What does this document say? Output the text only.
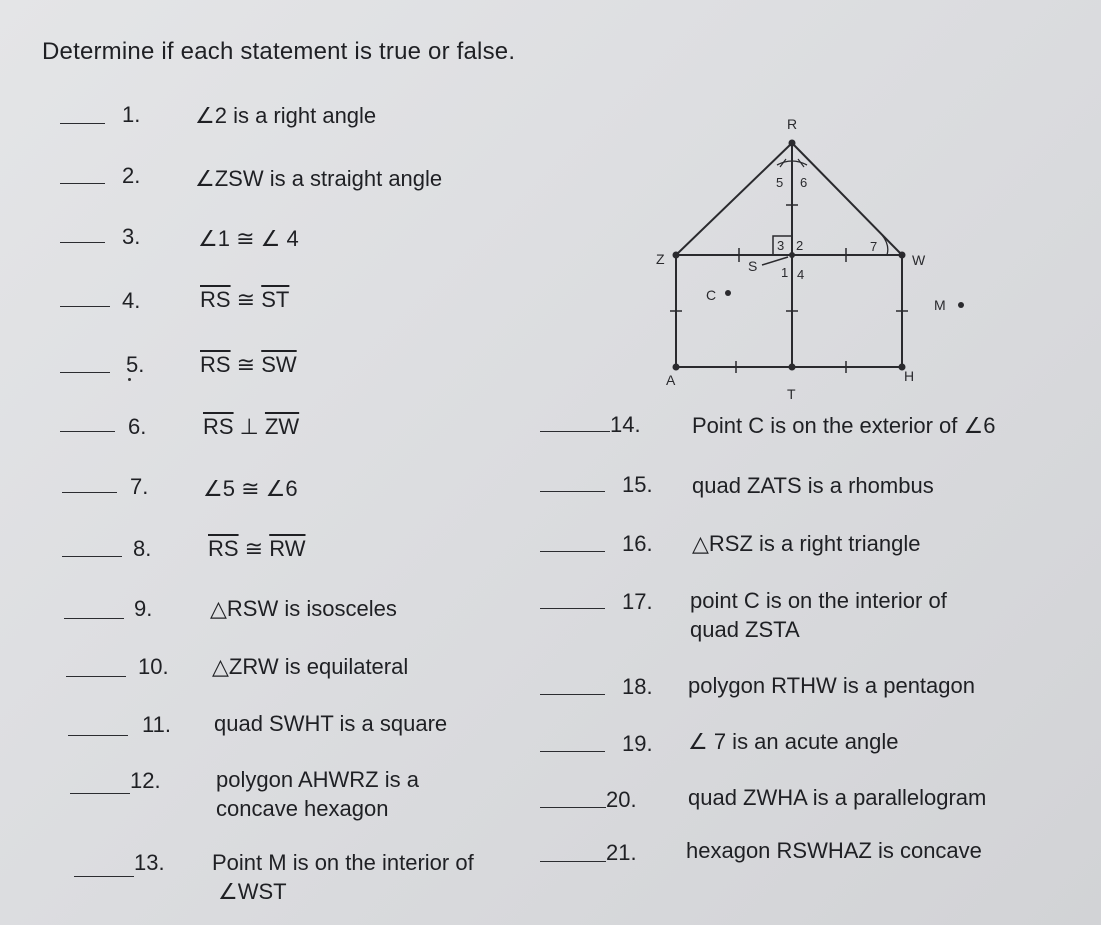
Determine if each statement is true or false.
1. ∠2 is a right angle
2. ∠ZSW is a straight angle
3.	∠1 ≅ ∠ 4
4.	$\overline{RS}$ ≅ $\overline{ST}$
5.	$\overline{RS}$ ≅ $\overline{SW}$
6.	$\overline{RS}$ ⊥ $\overline{ZW}$
7. ∠5 ≅ ∠6
8.	$\overline{RS}$ ≅ $\overline{RW}$
9.	△RSW is isosceles
10. △ZRW is equilateral
11. quad SWHT is a square
12.	polygon AHWRZ is a
concave hexagon
13. Point M is on the interior of
∠WST
14. Point C is on the exterior of ∠6
15. quad ZATS is a rhombus
16. △RSZ is a right triangle
17. point C is on the interior of
quad ZSTA
18. polygon RTHW is a pentagon
19. ∠ 7 is an acute angle
20. quad ZWHA is a parallelogram
21. hexagon RSWHAZ is concave
R
Z	W
A	H
T
S
C
M
5 6
3 2
1 4
7
